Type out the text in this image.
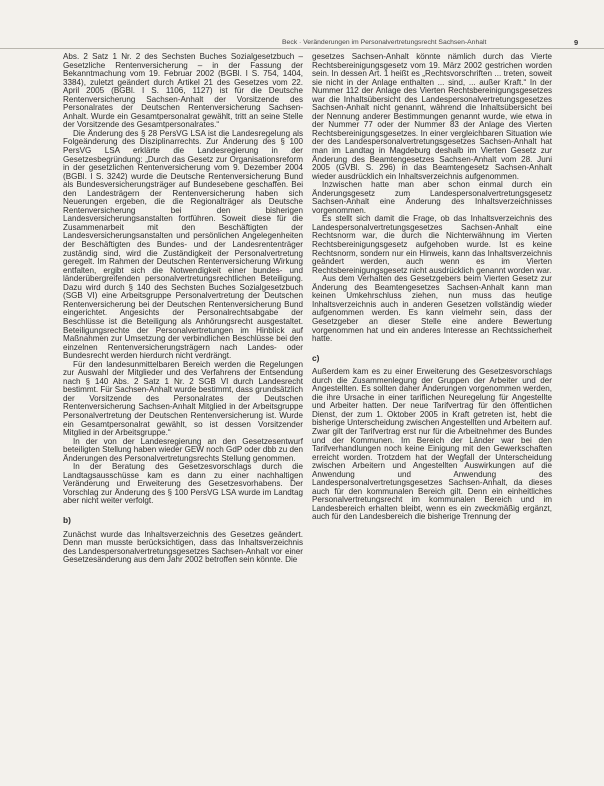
Beck · Veränderungen im Personalvertretungsrecht Sachsen-Anhalt	9

Abs. 2 Satz 1 Nr. 2 des Sechsten Buches Sozialgesetzbuch – Gesetzliche Rentenversicherung – in der Fassung der Bekanntmachung vom 19. Februar 2002 (BGBl. I S. 754, 1404, 3384), zuletzt geändert durch Artikel 21 des Gesetzes vom 22. April 2005 (BGBl. I S. 1106, 1127) ist für die Deutsche Rentenversicherung Sachsen-Anhalt der Vorsitzende des Personalrates der Deutschen Rentenversicherung Sachsen-Anhalt. Wurde ein Gesamtpersonalrat gewählt, tritt an seine Stelle der Vorsitzende des Gesamtpersonalrates.“

Die Änderung des § 28 PersVG LSA ist die Landesregelung als Folgeänderung des Disziplinarrechts. Zur Änderung des § 100 PersVG LSA erklärte die Landesregierung in der Gesetzesbegründung: „Durch das Gesetz zur Organisationsreform in der gesetzlichen Rentenversicherung vom 9. Dezember 2004 (BGBl. I S. 3242) wurde die Deutsche Rentenversicherung Bund als Bundesversicherungsträger auf Bundesebene geschaffen. Bei den Landesträgern der Rentenversicherung haben sich Neuerungen ergeben, die die Regionalträger als Deutsche Rentenversicherung bei den bisherigen Landesversicherungsanstalten fortführen. Soweit diese für die Zusammenarbeit mit den Beschäftigten der Landesversicherungsanstalten und persönlichen Angelegenheiten der Beschäftigten des Bundes- und der Landesrententräger zuständig sind, wird die Zuständigkeit der Personalvertretung geregelt. Im Rahmen der Deutschen Rentenversicherung Wirkung entfalten, ergibt sich die Notwendigkeit einer bundes- und länderübergreifenden personalvertretungsrechtlichen Beteiligung. Dazu wird durch § 140 des Sechsten Buches Sozialgesetzbuch (SGB VI) eine Arbeitsgruppe Personalvertretung der Deutschen Rentenversicherung bei der Deutschen Rentenversicherung Bund eingerichtet. Angesichts der Personalrechtsabgabe der Beschlüsse ist die Beteiligung als Anhörungsrecht ausgestaltet. Beteiligungsrechte der Personalvertretungen im Hinblick auf Maßnahmen zur Umsetzung der verbindlichen Beschlüsse bei den einzelnen Rentenversicherungsträgern nach Landes- oder Bundesrecht werden hierdurch nicht verdrängt.

Für den landesunmittelbaren Bereich werden die Regelungen zur Auswahl der Mitglieder und des Verfahrens der Entsendung nach § 140 Abs. 2 Satz 1 Nr. 2 SGB VI durch Landesrecht bestimmt. Für Sachsen-Anhalt wurde bestimmt, dass grundsätzlich der Vorsitzende des Personalrates der Deutschen Rentenversicherung Sachsen-Anhalt Mitglied in der Arbeitsgruppe Personalvertretung der Deutschen Rentenversicherung ist. Wurde ein Gesamtpersonalrat gewählt, so ist dessen Vorsitzender Mitglied in der Arbeitsgruppe.“

In der von der Landesregierung an den Gesetzesentwurf beteiligten Stellung haben wieder GEW noch GdP oder dbb zu den Änderungen des Personalvertretungsrechts Stellung genommen.

In der Beratung des Gesetzesvorschlags durch die Landtagsausschüsse kam es dann zu einer nachhaltigen Veränderung und Erweiterung des Gesetzesvorhabens. Der Vorschlag zur Änderung des § 100 PersVG LSA wurde im Landtag aber nicht weiter verfolgt.

b)

Zunächst wurde das Inhaltsverzeichnis des Gesetzes geändert. Denn man musste berücksichtigen, dass das Inhaltsverzeichnis des Landespersonalvertretungsgesetzes Sachsen-Anhalt vor einer Gesetzesänderung aus dem Jahr 2002 betroffen sein könnte. Die

gesetzes Sachsen-Anhalt könnte nämlich durch das Vierte Rechtsbereinigungsgesetz vom 19. März 2002 gestrichen worden sein. In dessen Art. 1 heißt es „Rechtsvorschriften ... treten, soweit sie nicht in der Anlage enthalten ... sind, ... außer Kraft.“ In der Nummer 112 der Anlage des Vierten Rechtsbereinigungsgesetzes war die Inhaltsübersicht des Landespersonalvertretungsgesetzes Sachsen-Anhalt nicht genannt, während die Inhaltsübersicht bei der Nennung anderer Bestimmungen genannt wurde, wie etwa in der Nummer 77 oder der Nummer 83 der Anlage des Vierten Rechtsbereinigungsgesetzes. In einer vergleichbaren Situation wie der des Landespersonalvertretungsgesetzes Sachsen-Anhalt hat man im Landtag in Magdeburg deshalb im Vierten Gesetz zur Änderung des Beamtengesetzes Sachsen-Anhalt vom 28. Juni 2005 (GVBl. S. 296) in das Beamtengesetz Sachsen-Anhalt wieder ausdrücklich ein Inhaltsverzeichnis aufgenommen.

Inzwischen hatte man aber schon einmal durch ein Änderungsgesetz zum Landespersonalvertretungsgesetz Sachsen-Anhalt eine Änderung des Inhaltsverzeichnisses vorgenommen.

Es stellt sich damit die Frage, ob das Inhaltsverzeichnis des Landespersonalvertretungsgesetzes Sachsen-Anhalt eine Rechtsnorm war, die durch die Nichterwähnung im Vierten Rechtsbereinigungsgesetz aufgehoben wurde. Ist es keine Rechtsnorm, sondern nur ein Hinweis, kann das Inhaltsverzeichnis geändert werden, auch wenn es im Vierten Rechtsbereinigungsgesetz nicht ausdrücklich genannt worden war.

Aus dem Verhalten des Gesetzgebers beim Vierten Gesetz zur Änderung des Beamtengesetzes Sachsen-Anhalt kann man keinen Umkehrschluss ziehen, nun muss das heutige Inhaltsverzeichnis auch in anderen Gesetzen vollständig wieder aufgenommen werden. Es kann vielmehr sein, dass der Gesetzgeber an dieser Stelle eine andere Bewertung vorgenommen hat und ein anderes Interesse an Rechtssicherheit hatte.

c)

Außerdem kam es zu einer Erweiterung des Gesetzesvorschlags durch die Zusammenlegung der Gruppen der Arbeiter und der Angestellten. Es sollten daher Änderungen vorgenommen werden, die ihre Ursache in einer tariflichen Neuregelung für Angestellte und Arbeiter hatten. Der neue Tarifvertrag für den öffentlichen Dienst, der zum 1. Oktober 2005 in Kraft getreten ist, hebt die bisherige Unterscheidung zwischen Angestellten und Arbeitern auf. Zwar gilt der Tarifvertrag erst nur für die Arbeitnehmer des Bundes und der Kommunen. Im Bereich der Länder war bei den Tarifverhandlungen noch keine Einigung mit den Gewerkschaften erreicht worden. Trotzdem hat der Wegfall der Unterscheidung zwischen Arbeitern und Angestellten Auswirkungen auf die Anwendung und Anwendung des Landespersonalvertretungsgesetzes Sachsen-Anhalt, da dieses auch für den kommunalen Bereich gilt. Denn ein einheitliches Personalvertretungsrecht im kommunalen Bereich und im Landesbereich erhalten bleibt, wenn es ein zweckmäßig ergänzt, auch für den Landesbereich die bisherige Trennung der
